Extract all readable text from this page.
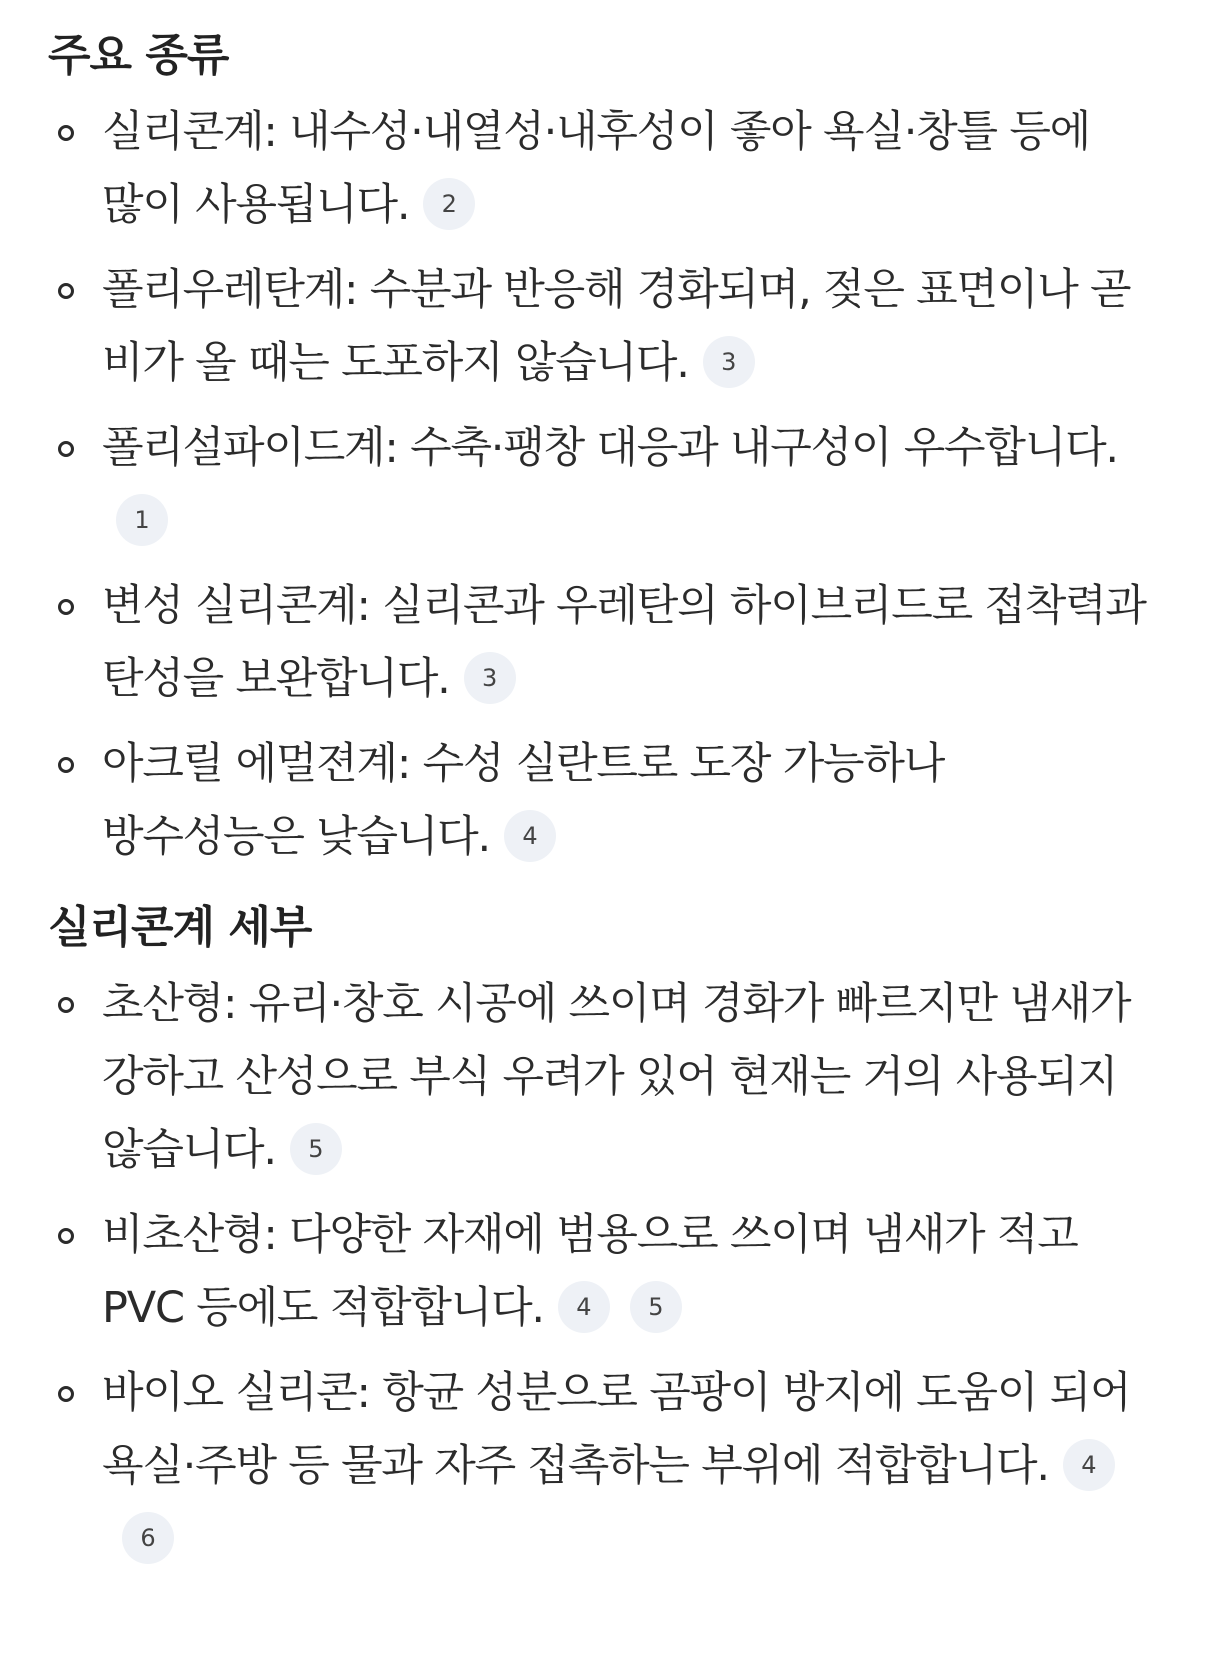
주요 종류
실리콘계: 내수성·내열성·내후성이 좋아 욕실·창틀 등에 많이 사용됩니다. 2
폴리우레탄계: 수분과 반응해 경화되며, 젖은 표면이나 곧 비가 올 때는 도포하지 않습니다. 3
폴리설파이드계: 수축·팽창 대응과 내구성이 우수합니다.1
변성 실리콘계: 실리콘과 우레탄의 하이브리드로 접착력과 탄성을 보완합니다. 3
아크릴 에멀젼계: 수성 실란트로 도장 가능하나 방수성능은 낮습니다. 4
실리콘계 세부
초산형: 유리·창호 시공에 쓰이며 경화가 빠르지만 냄새가 강하고 산성으로 부식 우려가 있어 현재는 거의 사용되지 않습니다. 5
비초산형: 다양한 자재에 범용으로 쓰이며 냄새가 적고 PVC 등에도 적합합니다. 4 5
바이오 실리콘: 항균 성분으로 곰팡이 방지에 도움이 되어 욕실·주방 등 물과 자주 접촉하는 부위에 적합합니다. 46
